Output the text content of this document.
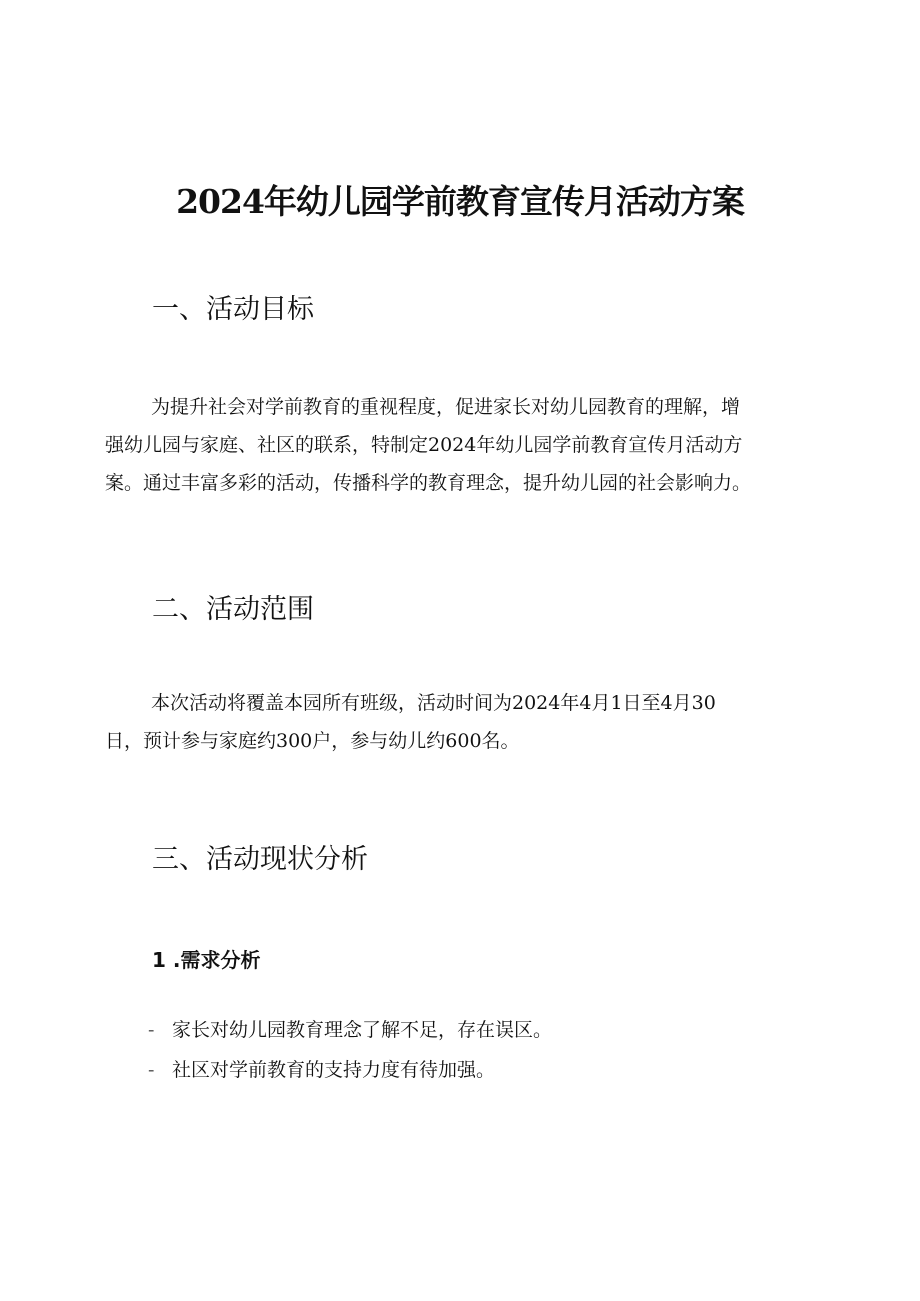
2024年幼儿园学前教育宣传月活动方案
一、活动目标

为提升社会对学前教育的重视程度，促进家长对幼儿园教育的理解，增
强幼儿园与家庭、社区的联系，特制定2024年幼儿园学前教育宣传月活动方
案。通过丰富多彩的活动，传播科学的教育理念，提升幼儿园的社会影响力。

二、活动范围

本次活动将覆盖本园所有班级，活动时间为2024年4月1日至4月30
日，预计参与家庭约300户，参与幼儿约600名。

三、活动现状分析
1 .需求分析
- 家长对幼儿园教育理念了解不足，存在误区。
- 社区对学前教育的支持力度有待加强。
